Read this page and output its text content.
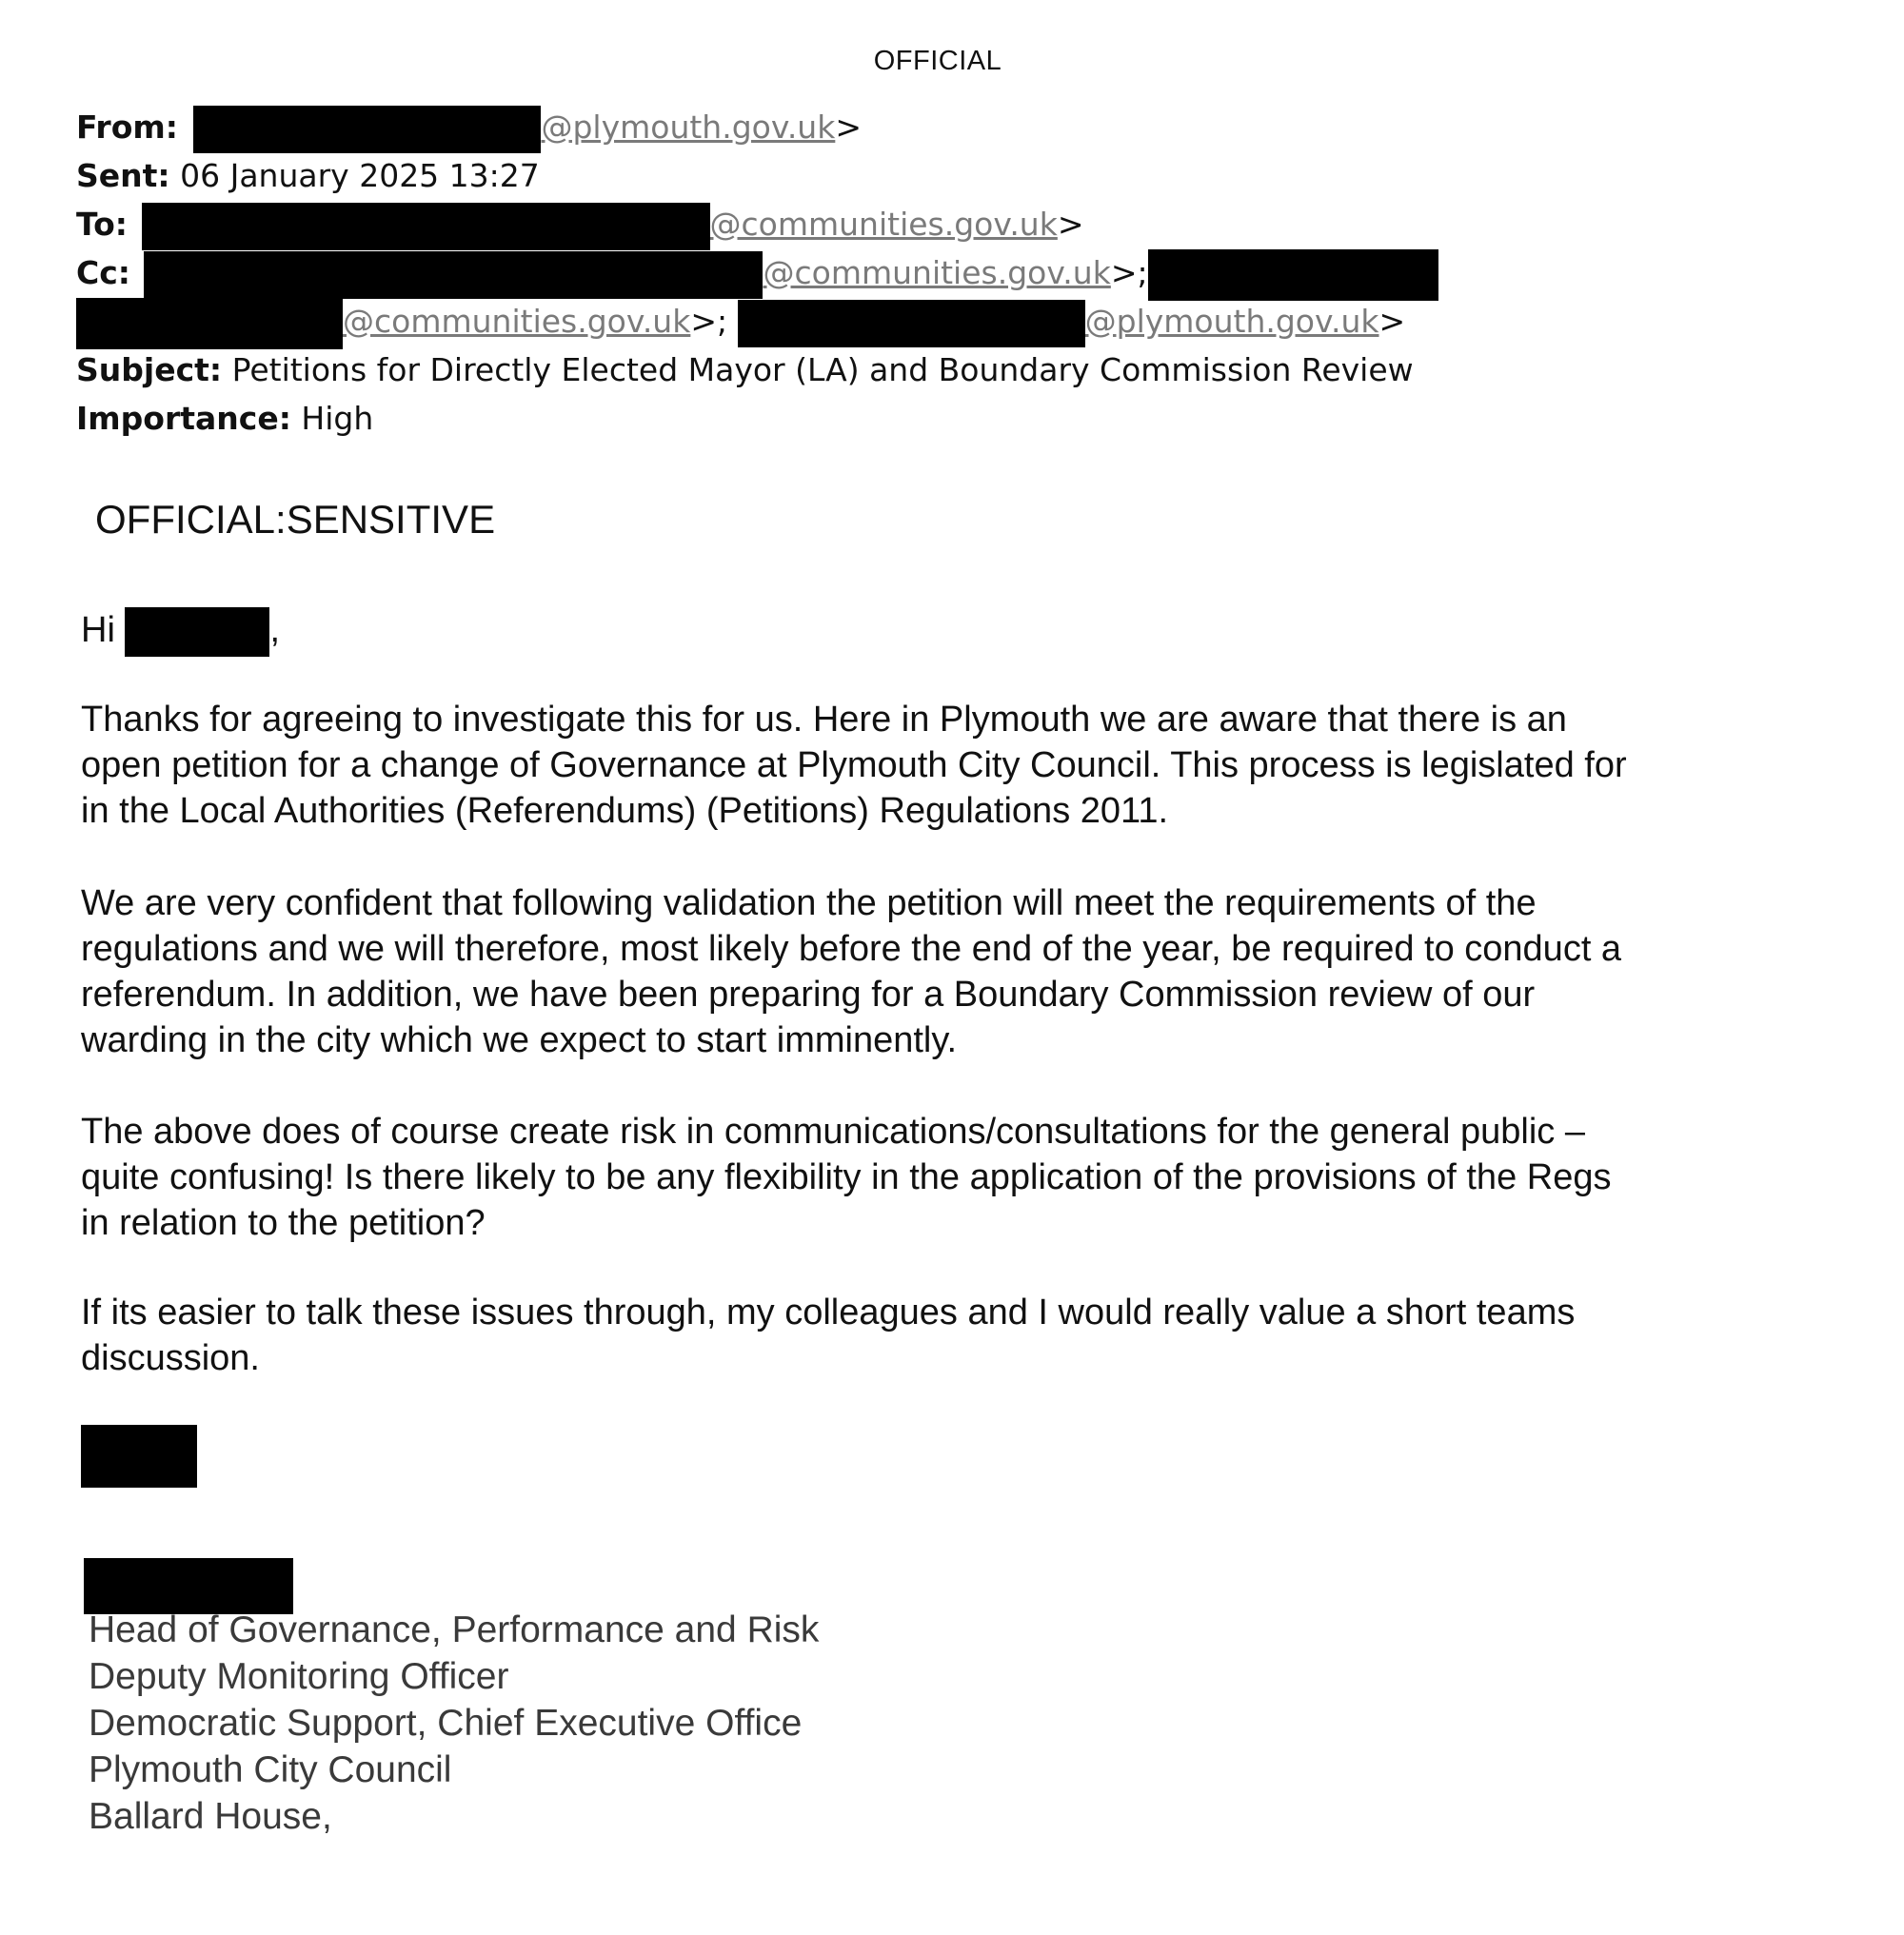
OFFICIAL
From:	@plymouth.gov.uk>
Sent: 06 January 2025 13:27
To:	@communities.gov.uk>
Cc:	@communities.gov.uk>;
@communities.gov.uk>;	@plymouth.gov.uk>
Subject: Petitions for Directly Elected Mayor (LA) and Boundary Commission Review
Importance: High
OFFICIAL:SENSITIVE
Hi	,
Thanks for agreeing to investigate this for us. Here in Plymouth we are aware that there is an
open petition for a change of Governance at Plymouth City Council. This process is legislated for
in the Local Authorities (Referendums) (Petitions) Regulations 2011.
We are very confident that following validation the petition will meet the requirements of the
regulations and we will therefore, most likely before the end of the year, be required to conduct a
referendum. In addition, we have been preparing for a Boundary Commission review of our
warding in the city which we expect to start imminently.
The above does of course create risk in communications/consultations for the general public –
quite confusing! Is there likely to be any flexibility in the application of the provisions of the Regs
in relation to the petition?
If its easier to talk these issues through, my colleagues and I would really value a short teams
discussion.
Head of Governance, Performance and Risk
Deputy Monitoring Officer
Democratic Support, Chief Executive Office
Plymouth City Council
Ballard House,
